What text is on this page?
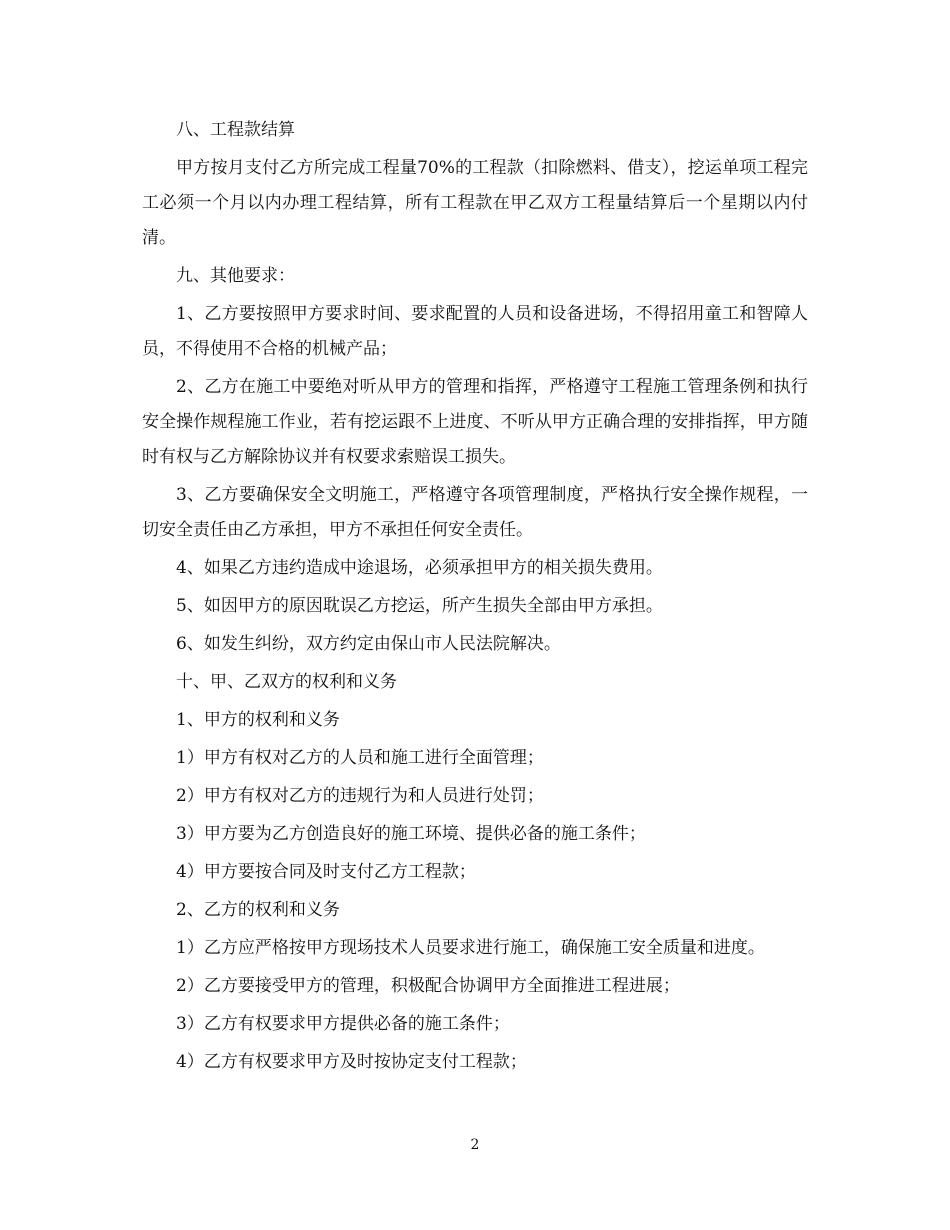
八、工程款结算

甲方按月支付乙方所完成工程量70%的工程款（扣除燃料、借支），挖运单项工程完工必须一个月以内办理工程结算，所有工程款在甲乙双方工程量结算后一个星期以内付清。

九、其他要求：

1、乙方要按照甲方要求时间、要求配置的人员和设备进场，不得招用童工和智障人员，不得使用不合格的机械产品；

2、乙方在施工中要绝对听从甲方的管理和指挥，严格遵守工程施工管理条例和执行安全操作规程施工作业，若有挖运跟不上进度、不听从甲方正确合理的安排指挥，甲方随时有权与乙方解除协议并有权要求索赔误工损失。

3、乙方要确保安全文明施工，严格遵守各项管理制度，严格执行安全操作规程，一切安全责任由乙方承担，甲方不承担任何安全责任。

4、如果乙方违约造成中途退场，必须承担甲方的相关损失费用。

5、如因甲方的原因耽误乙方挖运，所产生损失全部由甲方承担。

6、如发生纠纷，双方约定由保山市人民法院解决。

十、甲、乙双方的权利和义务

1、甲方的权利和义务

1）甲方有权对乙方的人员和施工进行全面管理；

2）甲方有权对乙方的违规行为和人员进行处罚；

3）甲方要为乙方创造良好的施工环境、提供必备的施工条件；

4）甲方要按合同及时支付乙方工程款；

2、乙方的权利和义务

1）乙方应严格按甲方现场技术人员要求进行施工，确保施工安全质量和进度。

2）乙方要接受甲方的管理，积极配合协调甲方全面推进工程进展；

3）乙方有权要求甲方提供必备的施工条件；

4）乙方有权要求甲方及时按协定支付工程款；

2
